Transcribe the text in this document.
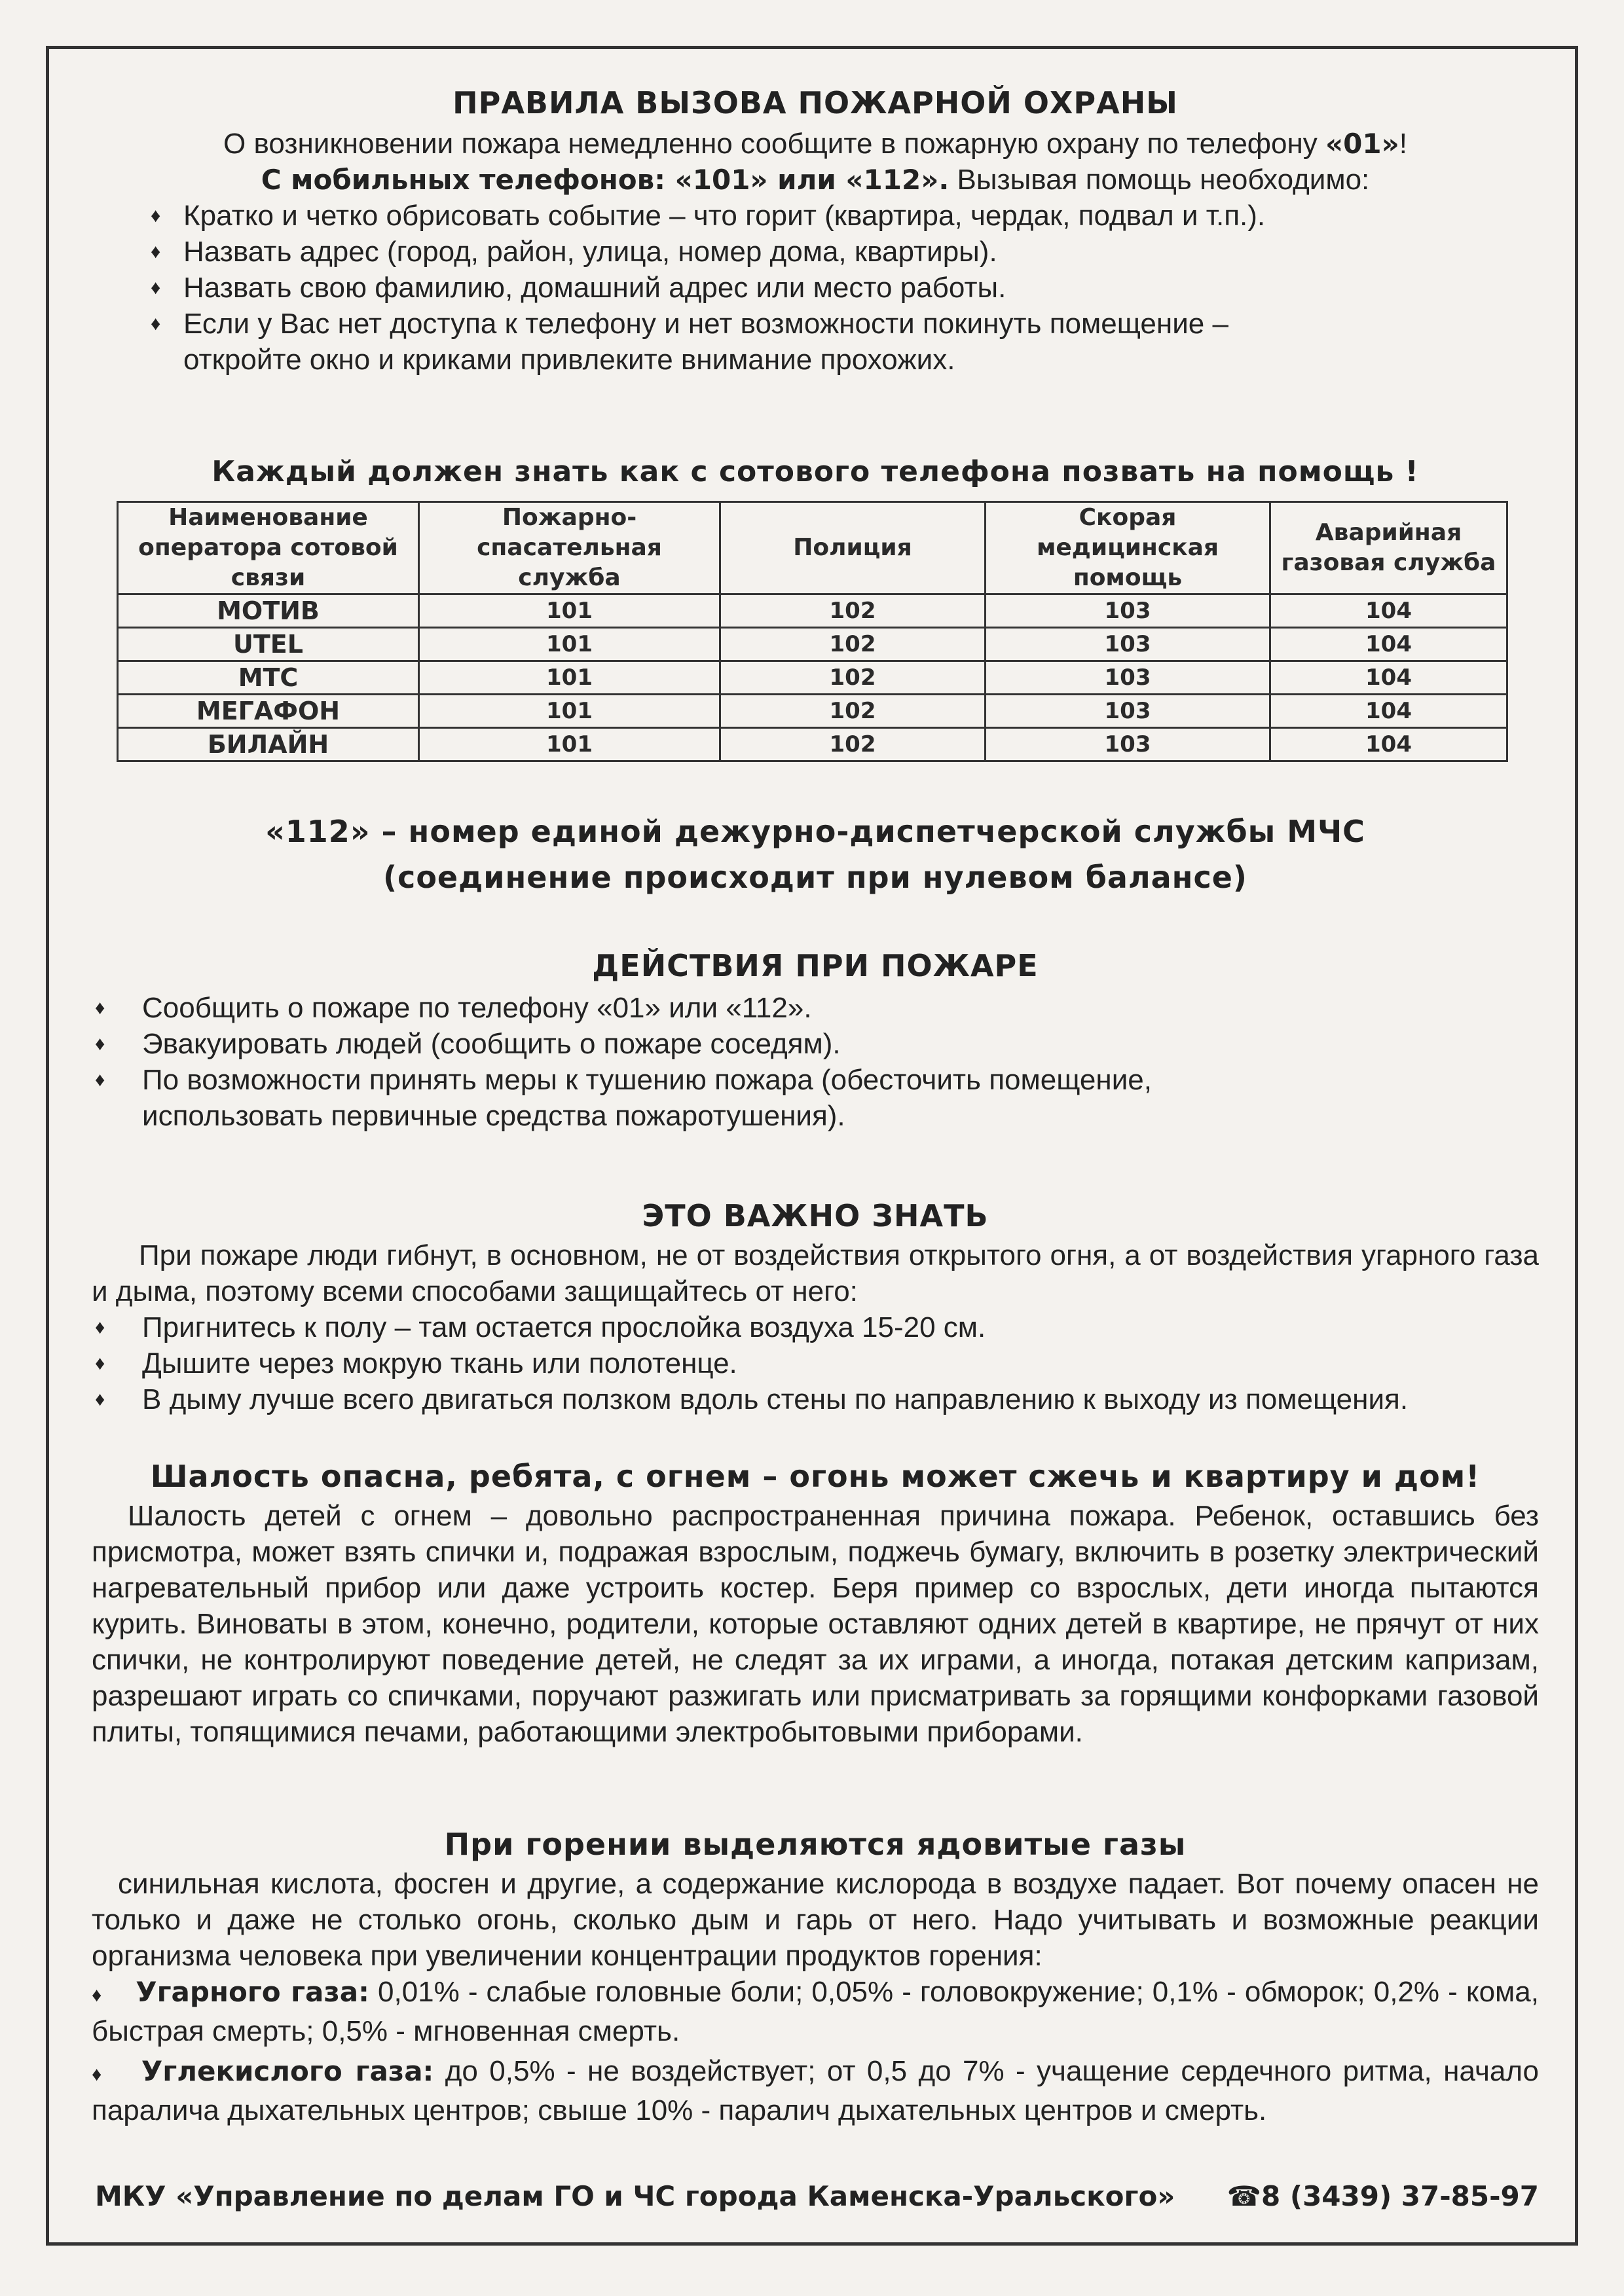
ПРАВИЛА ВЫЗОВА ПОЖАРНОЙ ОХРАНЫ

О возникновении пожара немедленно сообщите в пожарную охрану по телефону «01»!

С мобильных телефонов: «101» или «112». Вызывая помощь необходимо:

♦ Кратко и четко обрисовать событие – что горит (квартира, чердак, подвал и т.п.).
♦ Назвать адрес (город, район, улица, номер дома, квартиры).
♦ Назвать свою фамилию, домашний адрес или место работы.
♦ Если у Вас нет доступа к телефону и нет возможности покинуть помещение – откройте окно и криками привлеките внимание прохожих.
Каждый должен знать как с сотового телефона позвать на помощь !
Наименование оператора сотовой связи	Пожарно-спасательная служба	Полиция	Скорая медицинская помощь	Аварийная газовая служба
МОТИВ	101	102	103	104
UTEL	101	102	103	104
МТС	101	102	103	104
МЕГАФОН	101	102	103	104
БИЛАЙН	101	102	103	104
«112» – номер единой дежурно-диспетчерской службы МЧС
(соединение происходит при нулевом балансе)
ДЕЙСТВИЯ ПРИ ПОЖАРЕ
♦	Сообщить о пожаре по телефону «01» или «112».
♦	Эвакуировать людей (сообщить о пожаре соседям).
♦	По возможности принять меры к тушению пожара (обесточить помещение, использовать первичные средства пожаротушения).
ЭТО ВАЖНО ЗНАТЬ

При пожаре люди гибнут, в основном, не от воздействия открытого огня, а от воздействия угарного газа и дыма, поэтому всеми способами защищайтесь от него:

♦	Пригнитесь к полу – там остается прослойка воздуха 15-20 см.
♦	Дышите через мокрую ткань или полотенце.
♦	В дыму лучше всего двигаться ползком вдоль стены по направлению к выходу из помещения.
Шалость опасна, ребята, с огнем – огонь может сжечь и квартиру и дом!

Шалость детей с огнем – довольно распространенная причина пожара. Ребенок, оставшись без присмотра, может взять спички и, подражая взрослым, поджечь бумагу, включить в розетку электрический нагревательный прибор или даже устроить костер. Беря пример со взрослых, дети иногда пытаются курить. Виноваты в этом, конечно, родители, которые оставляют одних детей в квартире, не прячут от них спички, не контролируют поведение детей, не следят за их играми, а иногда, потакая детским капризам, разрешают играть со спичками, поручают разжигать или присматривать за горящими конфорками газовой плиты, топящимися печами, работающими электробытовыми приборами.

При горении выделяются ядовитые газы

синильная кислота, фосген и другие, а содержание кислорода в воздухе падает. Вот почему опасен не только и даже не столько огонь, сколько дым и гарь от него. Надо учитывать и возможные реакции организма человека при увеличении концентрации продуктов горения:

♦ Угарного газа: 0,01% - слабые головные боли; 0,05% - головокружение; 0,1% - обморок; 0,2% - кома, быстрая смерть; 0,5% - мгновенная смерть.

♦ Углекислого газа: до 0,5% - не воздействует; от 0,5 до 7% - учащение сердечного ритма, начало паралича дыхательных центров; свыше 10% - паралич дыхательных центров и смерть.

МКУ «Управление по делам ГО и ЧС города Каменска-Уральского» ☎8 (3439) 37-85-97
